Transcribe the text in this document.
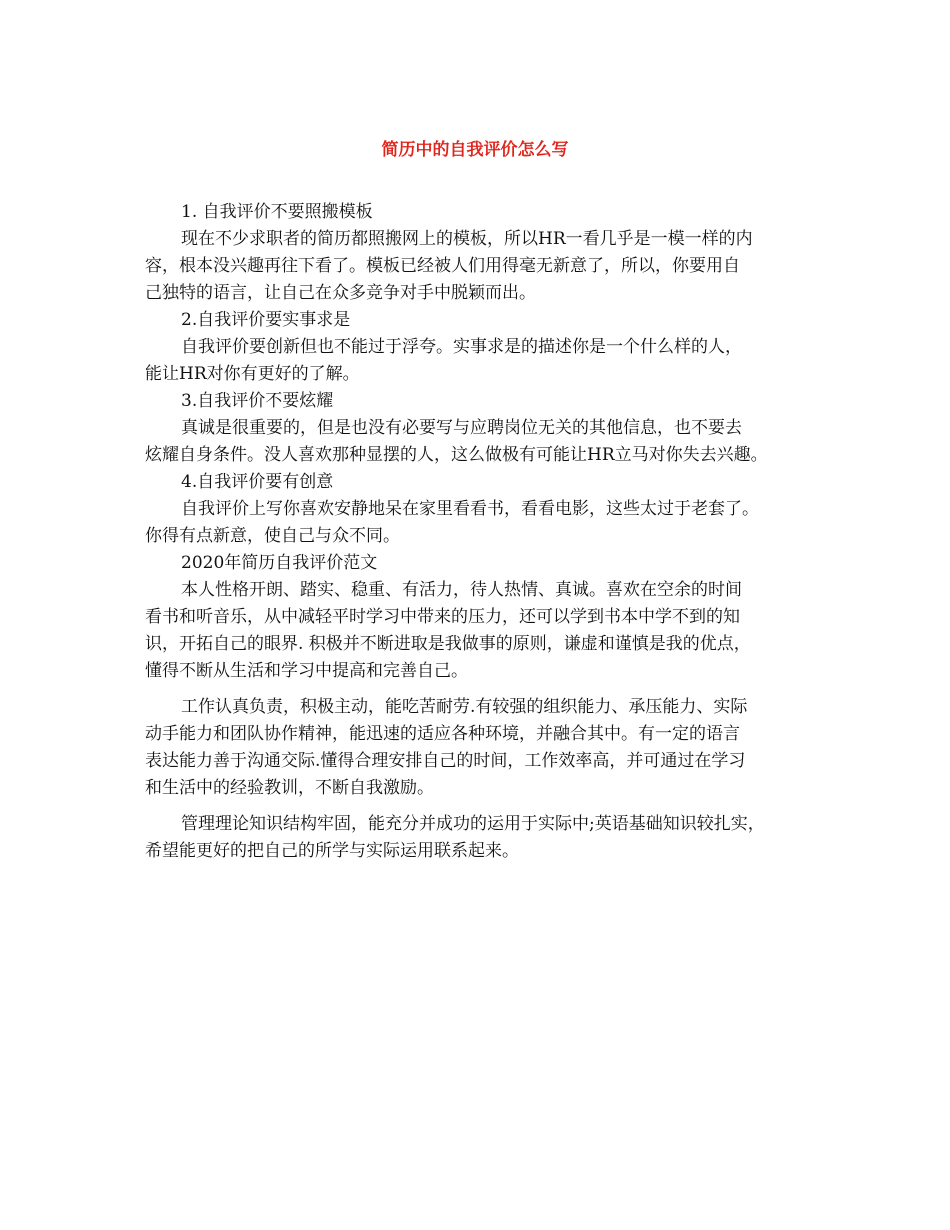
简历中的自我评价怎么写

1. 自我评价不要照搬模板

现在不少求职者的简历都照搬网上的模板，所以HR一看几乎是一模一样的内

容，根本没兴趣再往下看了。模板已经被人们用得毫无新意了，所以，你要用自

己独特的语言，让自己在众多竞争对手中脱颖而出。

2.自我评价要实事求是

自我评价要创新但也不能过于浮夸。实事求是的描述你是一个什么样的人，

能让HR对你有更好的了解。

3.自我评价不要炫耀

真诚是很重要的，但是也没有必要写与应聘岗位无关的其他信息，也不要去

炫耀自身条件。没人喜欢那种显摆的人，这么做极有可能让HR立马对你失去兴趣。

4.自我评价要有创意

自我评价上写你喜欢安静地呆在家里看看书，看看电影，这些太过于老套了。

你得有点新意，使自己与众不同。

2020年简历自我评价范文

本人性格开朗、踏实、稳重、有活力，待人热情、真诚。喜欢在空余的时间

看书和听音乐，从中减轻平时学习中带来的压力，还可以学到书本中学不到的知

识，开拓自己的眼界. 积极并不断进取是我做事的原则，谦虚和谨慎是我的优点，

懂得不断从生活和学习中提高和完善自己。

工作认真负责，积极主动，能吃苦耐劳.有较强的组织能力、承压能力、实际

动手能力和团队协作精神，能迅速的适应各种环境，并融合其中。有一定的语言

表达能力善于沟通交际.懂得合理安排自己的时间，工作效率高，并可通过在学习

和生活中的经验教训，不断自我激励。

管理理论知识结构牢固，能充分并成功的运用于实际中;英语基础知识较扎实，

希望能更好的把自己的所学与实际运用联系起来。
